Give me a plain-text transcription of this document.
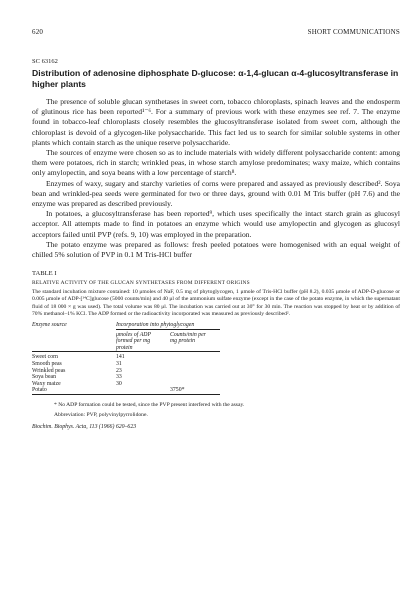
620	SHORT COMMUNICATIONS
SC 63162
Distribution of adenosine diphosphate D-glucose: α-1,4-glucan α-4-glucosyltransferase in higher plants

The presence of soluble glucan synthetases in sweet corn, tobacco chloroplasts, spinach leaves and the endosperm of glutinous rice has been reported¹⁻⁶. For a summary of previous work with these enzymes see ref. 7. The enzyme found in tobacco-leaf chloroplasts closely resembles the glucosyltransferase isolated from sweet corn, although the chloroplast is devoid of a glycogen-like polysaccharide. This fact led us to search for similar soluble systems in other plants which contain starch as the unique reserve polysaccharide.

The sources of enzyme were chosen so as to include materials with widely different polysaccharide content: among them were potatoes, rich in starch; wrinkled peas, in whose starch amylose predominates; waxy maize, which contains only amylopectin, and soya beans with a low percentage of starch⁸.

Enzymes of waxy, sugary and starchy varieties of corns were prepared and assayed as previously described². Soya bean and wrinkled-pea seeds were germinated for two or three days, ground with 0.01 M Tris buffer (pH 7.6) and the enzyme was prepared as described previously.

In potatoes, a glucosyltransferase has been reported⁹, which uses specifically the intact starch grain as glucosyl acceptor. All attempts made to find in potatoes an enzyme which would use amylopectin and glycogen as glucosyl acceptors failed until PVP (refs. 9, 10) was employed in the preparation.

The potato enzyme was prepared as follows: fresh peeled potatoes were homogenised with an equal weight of chilled 5% solution of PVP in 0.1 M Tris-HCl buffer

TABLE I
RELATIVE ACTIVITY OF THE GLUCAN SYNTHETASES FROM DIFFERENT ORIGINS
The standard incubation mixture contained: 10 μmoles of NaF, 0.5 mg of phytoglycogen, 1 μmole of Tris-HCl buffer (pH 8.2), 0.035 μmole of ADP-D-glucose or 0.005 μmole of ADP-[¹⁴C]glucose (5000 counts/min) and 40 μl of the ammonium sulfate enzyme (except in the case of the potato enzyme, in which the supernatant fluid of 18 000 × g was used). The total volume was 80 μl. The incubation was carried out at 30° for 30 min. The reaction was stopped by heat or by addition of 70% methanol–1% KCl. The ADP formed or the radioactivity incorporated was measured as previously described².
Enzyme source	Incorporation into phytoglycogen	
	μmoles of ADP formed per mg protein	Counts/min per mg protein

Sweet corn	141	
Smooth peas	31	
Wrinkled peas	23	
Soya bean	33	
Waxy maize	30	
Potato		3750*

* No ADP formation could be tested, since the PVP present interfered with the assay.
Abbreviation: PVP, polyvinylpyrrolidone.
Biochim. Biophys. Acta, 113 (1966) 620–623
